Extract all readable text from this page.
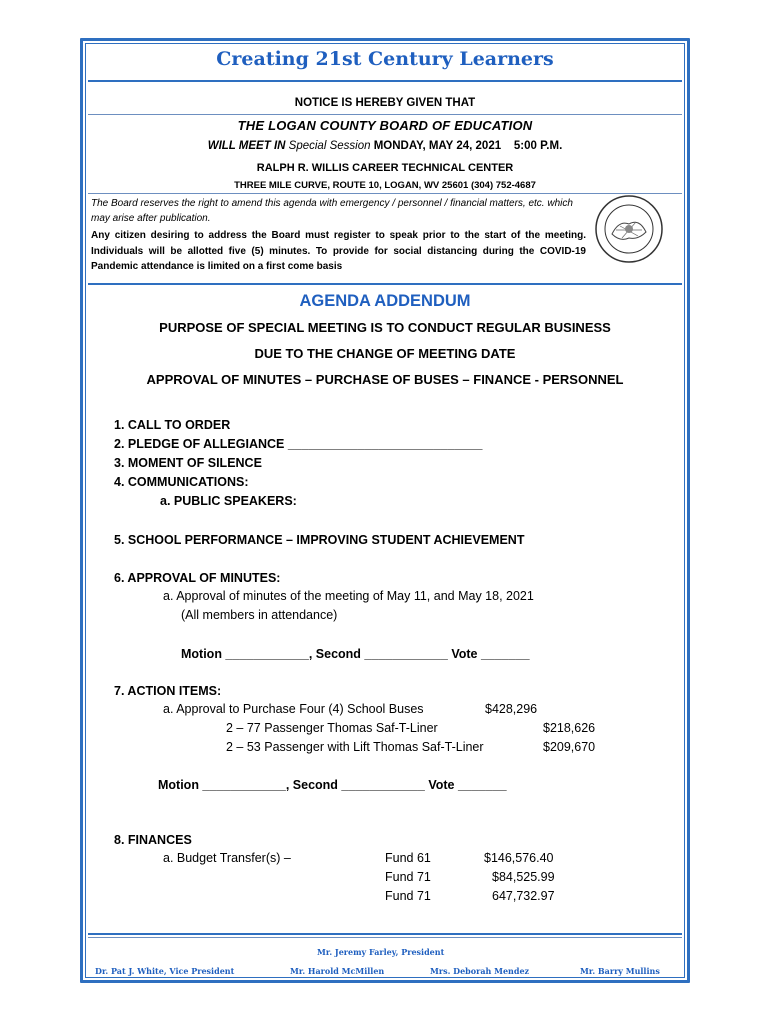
Creating 21st Century Learners
NOTICE IS HEREBY GIVEN THAT
THE LOGAN COUNTY BOARD OF EDUCATION
WILL MEET IN Special Session MONDAY, MAY 24, 2021    5:00 P.M.
RALPH R. WILLIS CAREER TECHNICAL CENTER
THREE MILE CURVE, ROUTE 10, LOGAN, WV 25601 (304) 752-4687
The Board reserves the right to amend this agenda with emergency / personnel / financial matters, etc. which may arise after publication.
Any citizen desiring to address the Board must register to speak prior to the start of the meeting. Individuals will be allotted five (5) minutes. To provide for social distancing during the COVID-19 Pandemic attendance is limited on a first come basis
AGENDA ADDENDUM
PURPOSE OF SPECIAL MEETING IS TO CONDUCT REGULAR BUSINESS
DUE TO THE CHANGE OF MEETING DATE
APPROVAL OF MINUTES – PURCHASE OF BUSES – FINANCE - PERSONNEL
1. CALL TO ORDER
2. PLEDGE OF ALLEGIANCE ____________________________
3. MOMENT OF SILENCE
4. COMMUNICATIONS:
a. PUBLIC SPEAKERS:
5. SCHOOL PERFORMANCE – IMPROVING STUDENT ACHIEVEMENT
6. APPROVAL OF MINUTES:
a. Approval of minutes of the meeting of May 11, and May 18, 2021
(All members in attendance)
Motion ____________, Second ____________ Vote _______
7. ACTION ITEMS:
a. Approval to Purchase Four (4) School Buses	$428,296
2 – 77 Passenger Thomas Saf-T-Liner	$218,626
2 – 53 Passenger with Lift Thomas Saf-T-Liner	$209,670
Motion ____________, Second ____________ Vote _______
8. FINANCES
a. Budget Transfer(s) –	Fund 61	$146,576.40
Fund 71	$84,525.99
Fund 71	647,732.97
Mr. Jeremy Farley, President
Dr. Pat J. White, Vice President	Mr. Harold McMillen	Mrs. Deborah Mendez	Mr. Barry Mullins
